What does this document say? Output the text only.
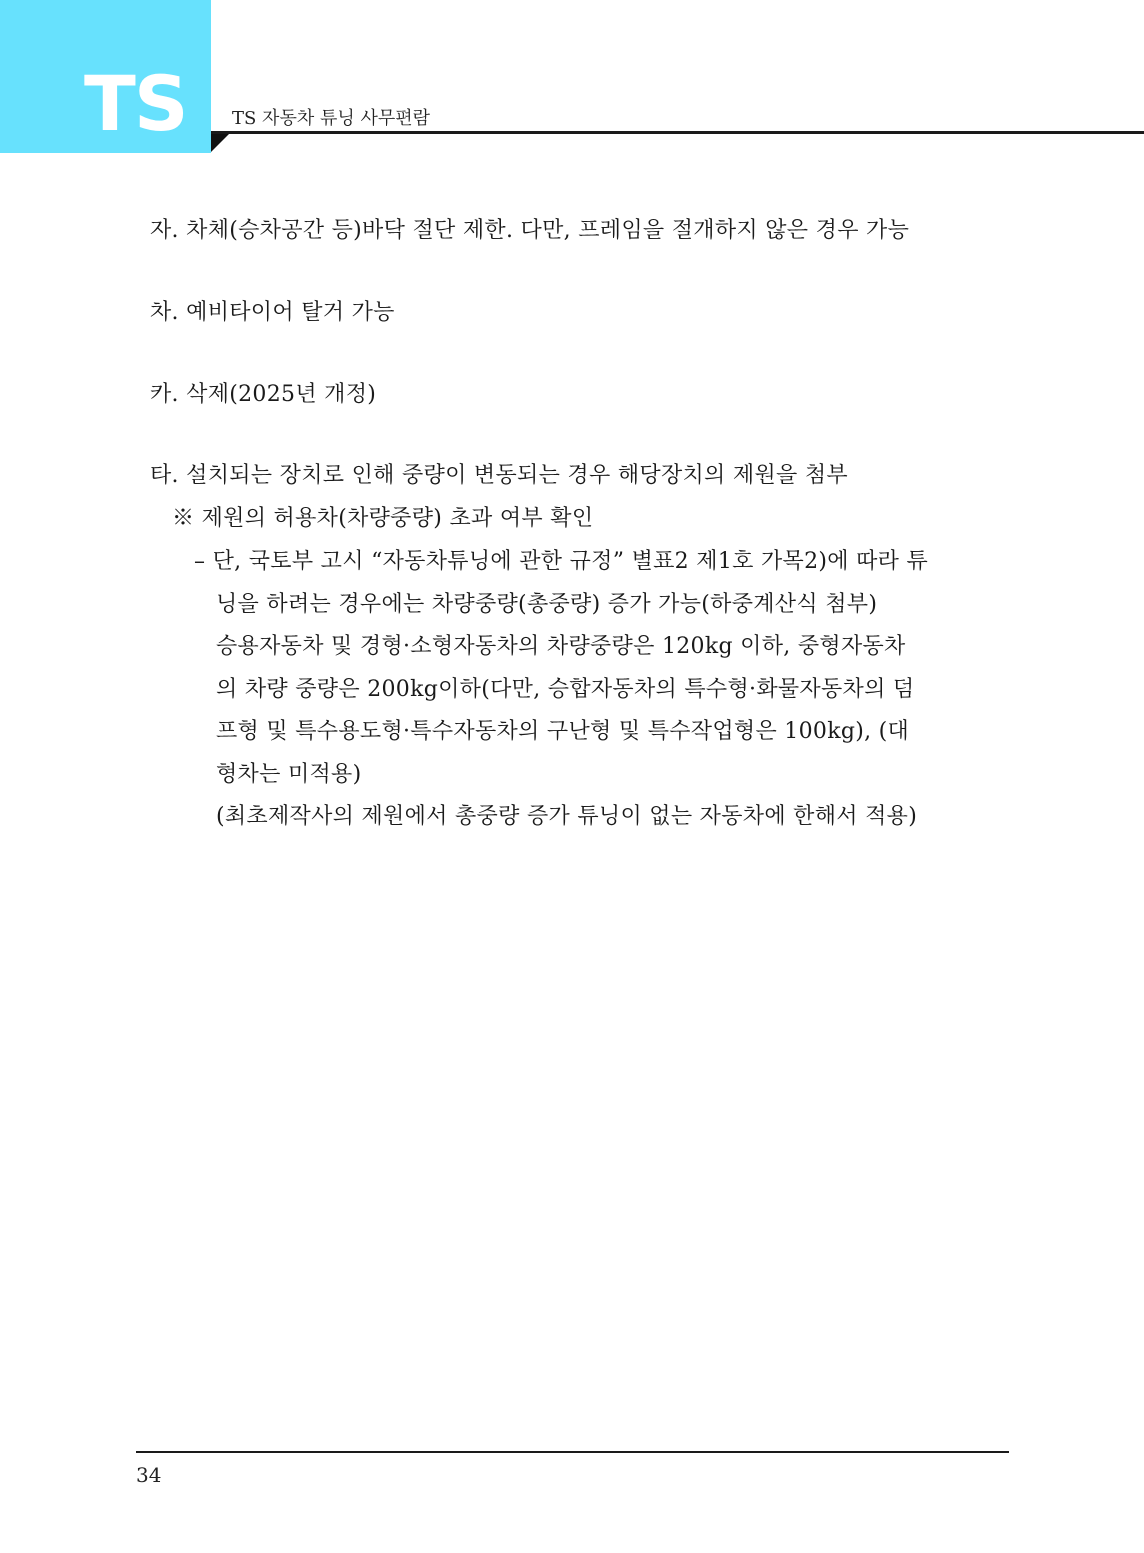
TS	TS 자동차 튜닝 사무편람
자. 차체(승차공간 등)바닥 절단 제한. 다만, 프레임을 절개하지 않은 경우 가능
차. 예비타이어 탈거 가능
카. 삭제(2025년 개정)
타. 설치되는 장치로 인해 중량이 변동되는 경우 해당장치의 제원을 첨부
※ 제원의 허용차(차량중량) 초과 여부 확인
– 단, 국토부 고시 “자동차튜닝에 관한 규정” 별표2 제1호 가목2)에 따라 튜
닝을 하려는 경우에는 차량중량(총중량) 증가 가능(하중계산식 첨부)
승용자동차 및 경형·소형자동차의 차량중량은 120kg 이하, 중형자동차
의 차량 중량은 200kg이하(다만, 승합자동차의 특수형·화물자동차의 덤
프형 및 특수용도형·특수자동차의 구난형 및 특수작업형은 100kg), (대
형차는 미적용)
(최초제작사의 제원에서 총중량 증가 튜닝이 없는 자동차에 한해서 적용)
34
